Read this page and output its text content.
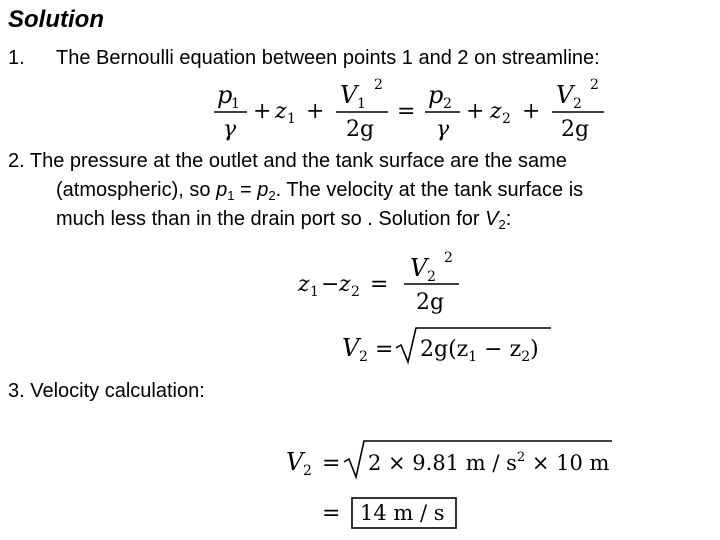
Solution
1. The Bernoulli equation between points 1 and 2 on streamline:
2. The pressure at the outlet and the tank surface are the same
(atmospheric), so $p_1 = p_2$. The velocity at the tank surface is
much less than in the drain port so . Solution for $V_2$:
3. Velocity calculation:
p
1
γ
+ z 1 +
V 1
2
2g
=
p 2
γ
+ z 2 +
V 2
2
2g
z 1 − z 2 =
V 2
2
2g
V $2 = 2g(z_1 - z_2)$
V 2 = 2 × 9.81 $m / s^2 \times 10$ m
= 14 m / s
